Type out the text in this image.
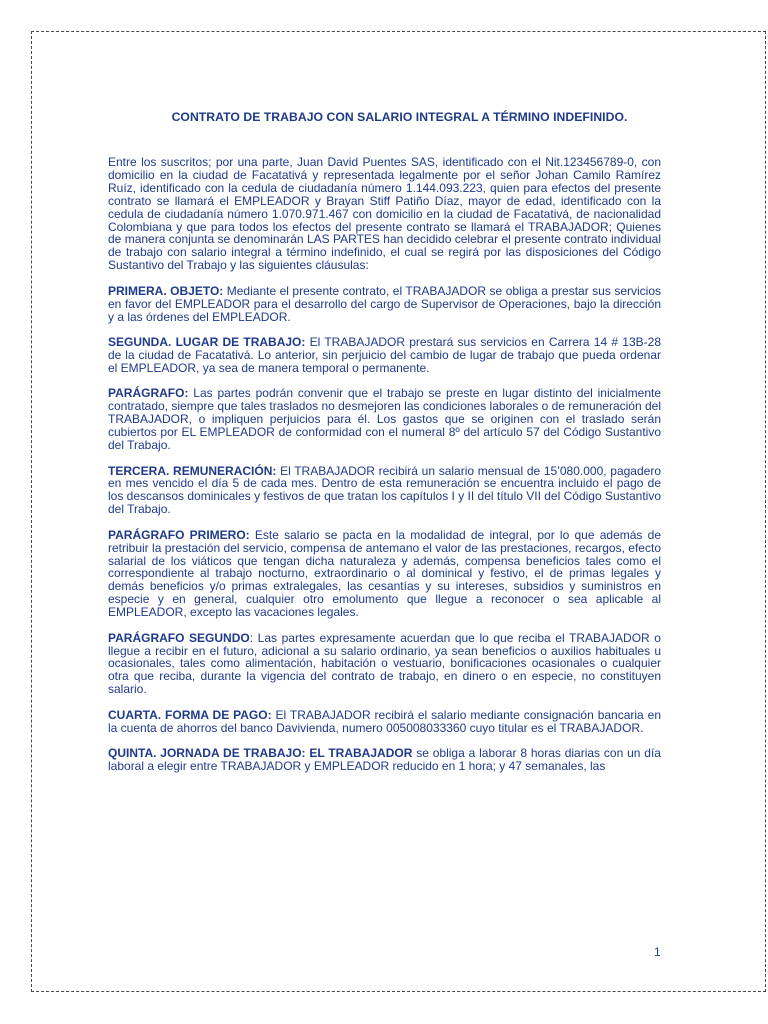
CONTRATO DE TRABAJO CON SALARIO INTEGRAL A TÉRMINO INDEFINIDO.

Entre los suscritos; por una parte, Juan David Puentes SAS, identificado con el Nit.123456789-0, con domicilio en la ciudad de Facatativá y representada legalmente por el señor Johan Camilo Ramírez Ruíz, identificado con la cedula de ciudadanía número 1.144.093.223, quien para efectos del presente contrato se llamará el EMPLEADOR y Brayan Stiff Patiño Díaz, mayor de edad, identificado con la cedula de ciudadanía número 1.070.971.467 con domicilio en la ciudad de Facatativá, de nacionalidad Colombiana y que para todos los efectos del presente contrato se llamará el TRABAJADOR; Quienes de manera conjunta se denominarán LAS PARTES han decidido celebrar el presente contrato individual de trabajo con salario integral a término indefinido, el cual se regirá por las disposiciones del Código Sustantivo del Trabajo y las siguientes cláusulas:

PRIMERA. OBJETO: Mediante el presente contrato, el TRABAJADOR se obliga a prestar sus servicios en favor del EMPLEADOR para el desarrollo del cargo de Supervisor de Operaciones, bajo la dirección y a las órdenes del EMPLEADOR.

SEGUNDA. LUGAR DE TRABAJO: El TRABAJADOR prestará sus servicios en Carrera 14 # 13B-28 de la ciudad de Facatativá. Lo anterior, sin perjuicio del cambio de lugar de trabajo que pueda ordenar el EMPLEADOR, ya sea de manera temporal o permanente.

PARÁGRAFO: Las partes podrán convenir que el trabajo se preste en lugar distinto del inicialmente contratado, siempre que tales traslados no desmejoren las condiciones laborales o de remuneración del TRABAJADOR, o impliquen perjuicios para él. Los gastos que se originen con el traslado serán cubiertos por EL EMPLEADOR de conformidad con el numeral 8º del artículo 57 del Código Sustantivo del Trabajo.

TERCERA. REMUNERACIÓN: El TRABAJADOR recibirá un salario mensual de 15’080.000, pagadero en mes vencido el día 5 de cada mes. Dentro de esta remuneración se encuentra incluido el pago de los descansos dominicales y festivos de que tratan los capítulos I y II del título VII del Código Sustantivo del Trabajo.

PARÁGRAFO PRIMERO: Este salario se pacta en la modalidad de integral, por lo que además de retribuir la prestación del servicio, compensa de antemano el valor de las prestaciones, recargos, efecto salarial de los viáticos que tengan dicha naturaleza y además, compensa beneficios tales como el correspondiente al trabajo nocturno, extraordinario o al dominical y festivo, el de primas legales y demás beneficios y/o primas extralegales, las cesantías y su intereses, subsidios y suministros en especie y en general, cualquier otro emolumento que llegue a reconocer o sea aplicable al EMPLEADOR, excepto las vacaciones legales.

PARÁGRAFO SEGUNDO: Las partes expresamente acuerdan que lo que reciba el TRABAJADOR o llegue a recibir en el futuro, adicional a su salario ordinario, ya sean beneficios o auxilios habituales u ocasionales, tales como alimentación, habitación o vestuario, bonificaciones ocasionales o cualquier otra que reciba, durante la vigencia del contrato de trabajo, en dinero o en especie, no constituyen salario.

CUARTA. FORMA DE PAGO: El TRABAJADOR recibirá el salario mediante consignación bancaria en la cuenta de ahorros del banco Davivienda, numero 005008033360 cuyo titular es el TRABAJADOR.

QUINTA. JORNADA DE TRABAJO: EL TRABAJADOR se obliga a laborar 8 horas diarias con un día laboral a elegir entre TRABAJADOR y EMPLEADOR reducido en 1 hora; y 47 semanales, las

1
